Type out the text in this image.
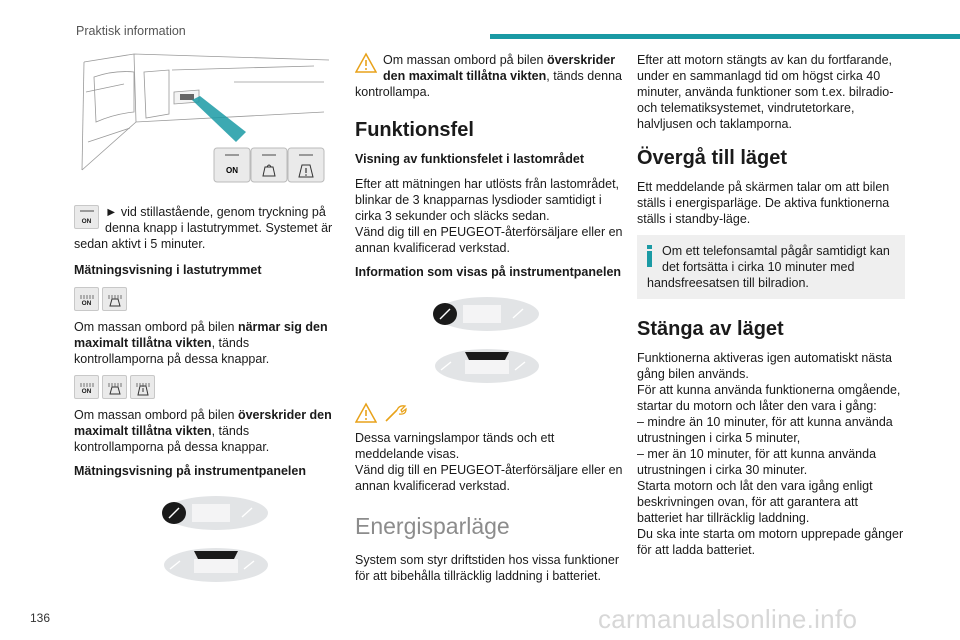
Praktisk information
ON
ON

► vid stillastående, genom tryckning på denna knapp i lastutrymmet. Systemet är sedan aktivt i 5 minuter.

Mätningsvisning i lastutrymmet
ON

Om massan ombord på bilen närmar sig den maximalt tillåtna vikten, tänds kontrollamporna på dessa knappar.

ON

Om massan ombord på bilen överskrider den maximalt tillåtna vikten, tänds kontrollamporna på dessa knappar.

Mätningsvisning på instrumentpanelen

Om massan ombord på bilen överskrider den maximalt tillåtna vikten, tänds denna kontrollampa.

Funktionsfel
Visning av funktionsfelet i lastområdet

Efter att mätningen har utlösts från lastområdet, blinkar de 3 knapparnas lysdioder samtidigt i cirka 3 sekunder och släcks sedan.

Vänd dig till en PEUGEOT-återförsäljare eller en annan kvalificerad verkstad.

Information som visas på instrumentpanelen

Dessa varningslampor tänds och ett meddelande visas.

Vänd dig till en PEUGEOT-återförsäljare eller en annan kvalificerad verkstad.

Energisparläge

System som styr driftstiden hos vissa funktioner för att bibehålla tillräcklig laddning i batteriet.

Efter att motorn stängts av kan du fortfarande, under en sammanlagd tid om högst cirka 40 minuter, använda funktioner som t.ex. bilradio- och telematiksystemet, vindrutetorkare, halvljusen och taklamporna.

Övergå till läget

Ett meddelande på skärmen talar om att bilen ställs i energisparläge. De aktiva funktionerna ställs i standby-läge.

Om ett telefonsamtal pågår samtidigt kan det fortsätta i cirka 10 minuter med handsfreesatsen till bilradion.
Stänga av läget

Funktionerna aktiveras igen automatiskt nästa gång bilen används.

För att kunna använda funktionerna omgående, startar du motorn och låter den vara i gång:

– mindre än 10 minuter, för att kunna använda utrustningen i cirka 5 minuter,

– mer än 10 minuter, för att kunna använda utrustningen i cirka 30 minuter.

Starta motorn och låt den vara igång enligt beskrivningen ovan, för att garantera att batteriet har tillräcklig laddning.

Du ska inte starta om motorn upprepade gånger för att ladda batteriet.

136	carmanualsonline.info
